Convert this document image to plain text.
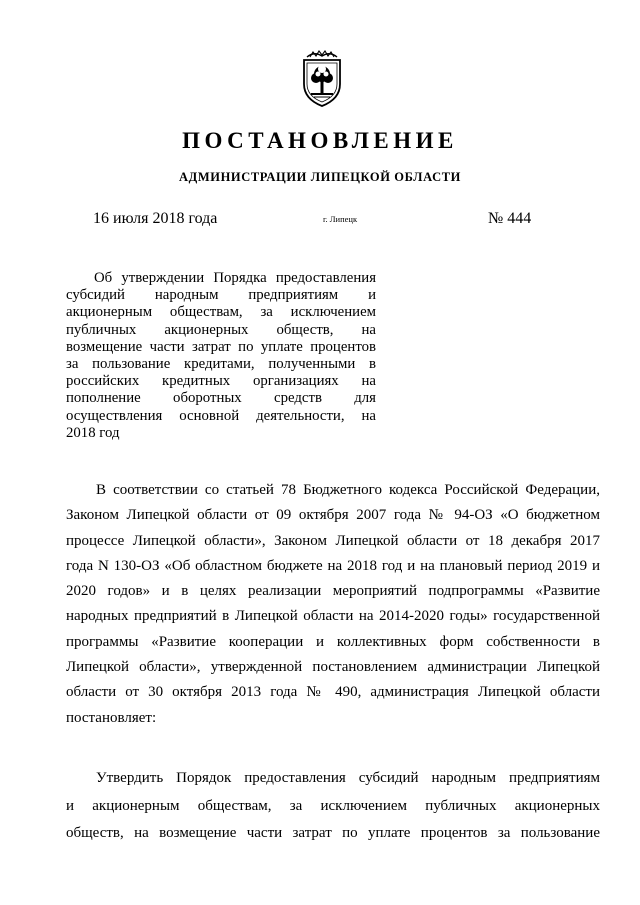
ПОСТАНОВЛЕНИЕ
АДМИНИСТРАЦИИ ЛИПЕЦКОЙ ОБЛАСТИ
16 июля 2018 года	г. Липецк	№ 444
Об утверждении Порядка предоставления
субсидий народным предприятиям и
акционерным обществам, за исключением
публичных акционерных обществ, на
возмещение части затрат по уплате процентов
за пользование кредитами, полученными в
российских кредитных организациях на
пополнение оборотных средств для
осуществления основной деятельности, на
2018 год
В соответствии со статьей 78 Бюджетного кодекса Российской Федерации,
Законом Липецкой области от 09 октября 2007 года № 94-ОЗ «О бюджетном
процессе Липецкой области», Законом Липецкой области от 18 декабря 2017
года N 130-ОЗ «Об областном бюджете на 2018 год и на плановый период 2019 и
2020 годов» и в целях реализации мероприятий подпрограммы «Развитие
народных предприятий в Липецкой области на 2014-2020 годы» государственной
программы «Развитие кооперации и коллективных форм собственности в
Липецкой области», утвержденной постановлением администрации Липецкой
области от 30 октября 2013 года № 490, администрация Липецкой области
постановляет:
Утвердить Порядок предоставления субсидий народным предприятиям
и акционерным обществам, за исключением публичных акционерных
обществ, на возмещение части затрат по уплате процентов за пользование
